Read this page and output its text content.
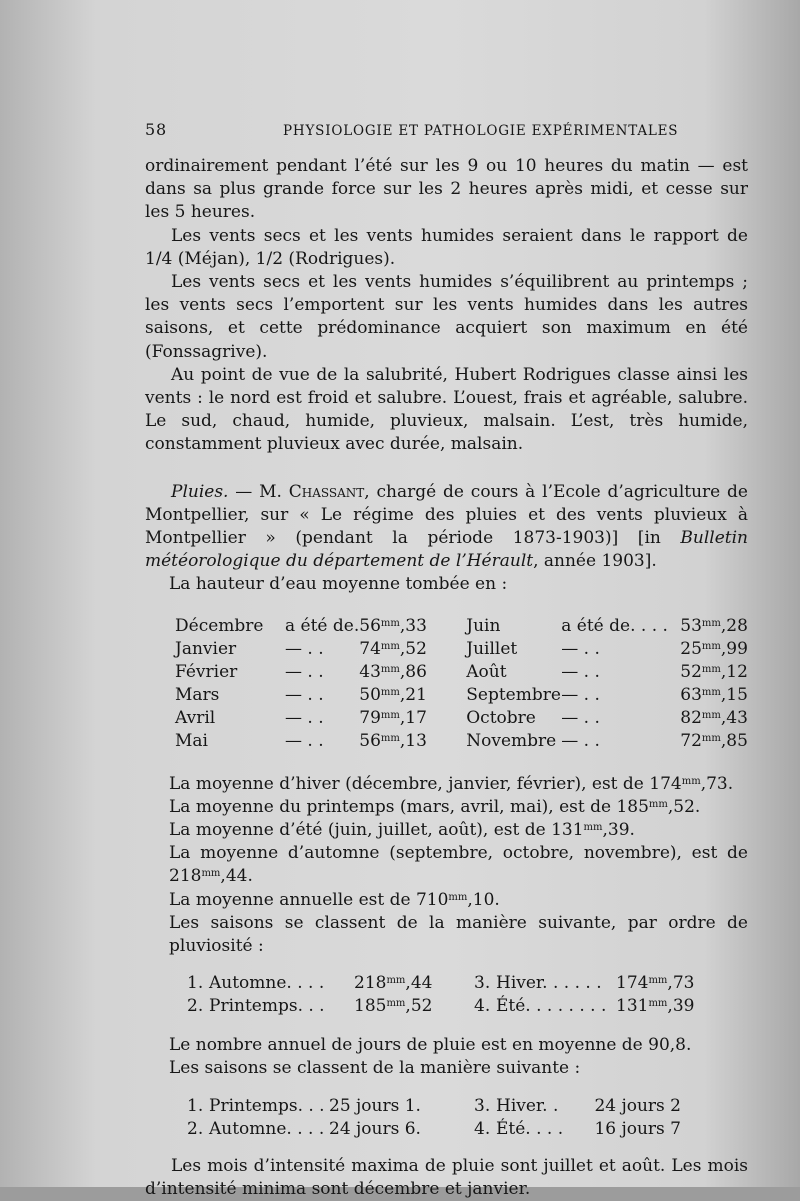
58	PHYSIOLOGIE ET PATHOLOGIE EXPÉRIMENTALES

ordinairement pendant l’été sur les 9 ou 10 heures du matin — est dans sa plus grande force sur les 2 heures après midi, et cesse sur les 5 heures.

Les vents secs et les vents humides seraient dans le rapport de 1/4 (Méjan), 1/2 (Rodrigues).

Les vents secs et les vents humides s’équilibrent au printemps ; les vents secs l’emportent sur les vents humides dans les autres saisons, et cette prédominance acquiert son maximum en été (Fonssagrive).

Au point de vue de la salubrité, Hubert Rodrigues classe ainsi les vents : le nord est froid et salubre. L’ouest, frais et agréable, salubre. Le sud, chaud, humide, pluvieux, malsain. L’est, très humide, constamment pluvieux avec durée, malsain.

Pluies. — M. Chassant, chargé de cours à l’Ecole d’agriculture de Montpellier, sur « Le régime des pluies et des vents pluvieux à Montpellier » (pendant la période 1873-1903)] [in Bulletin météorologique du département de l’Hérault, année 1903].

La hauteur d’eau moyenne tombée en :

Décembre	a été de.	$56^{mm},33$	Juin	a été de. . . .	$53^{mm},28$
Janvier	— . .	$74^{mm},52$	Juillet	— . .	$25^{mm},99$
Février	— . .	$43^{mm},86$	Août	— . .	$52^{mm},12$
Mars	— . .	$50^{mm},21$	Septembre	— . .	$63^{mm},15$
Avril	— . .	$79^{mm},17$	Octobre	— . .	$82^{mm},43$
Mai	— . .	$56^{mm},13$	Novembre	— . .	$72^{mm},85$

La moyenne d’hiver (décembre, janvier, février), est de $174^{mm},73$.

La moyenne du printemps (mars, avril, mai), est de $185^{mm},52$.

La moyenne d’été (juin, juillet, août), est de $131^{mm},39$.

La moyenne d’automne (septembre, octobre, novembre), est de $218^{mm},44$.

La moyenne annuelle est de $710^{mm},10$.

Les saisons se classent de la manière suivante, par ordre de pluviosité :

1.	Automne. . . .	$218^{mm},44$	3.	Hiver. . . . . .	$174^{mm},73$
2.	Printemps. . .	$185^{mm},52$	4.	Été. . . . . . . .	$131^{mm},39$

Le nombre annuel de jours de pluie est en moyenne de 90,8.

Les saisons se classent de la manière suivante :

1.	Printemps. . .	25 jours 1.	3.	Hiver. .	24 jours 2
2.	Automne. . . .	24 jours 6.	4.	Été. . . .	16 jours 7

Les mois d’intensité maxima de pluie sont juillet et août. Les mois d’intensité minima sont décembre et janvier.
